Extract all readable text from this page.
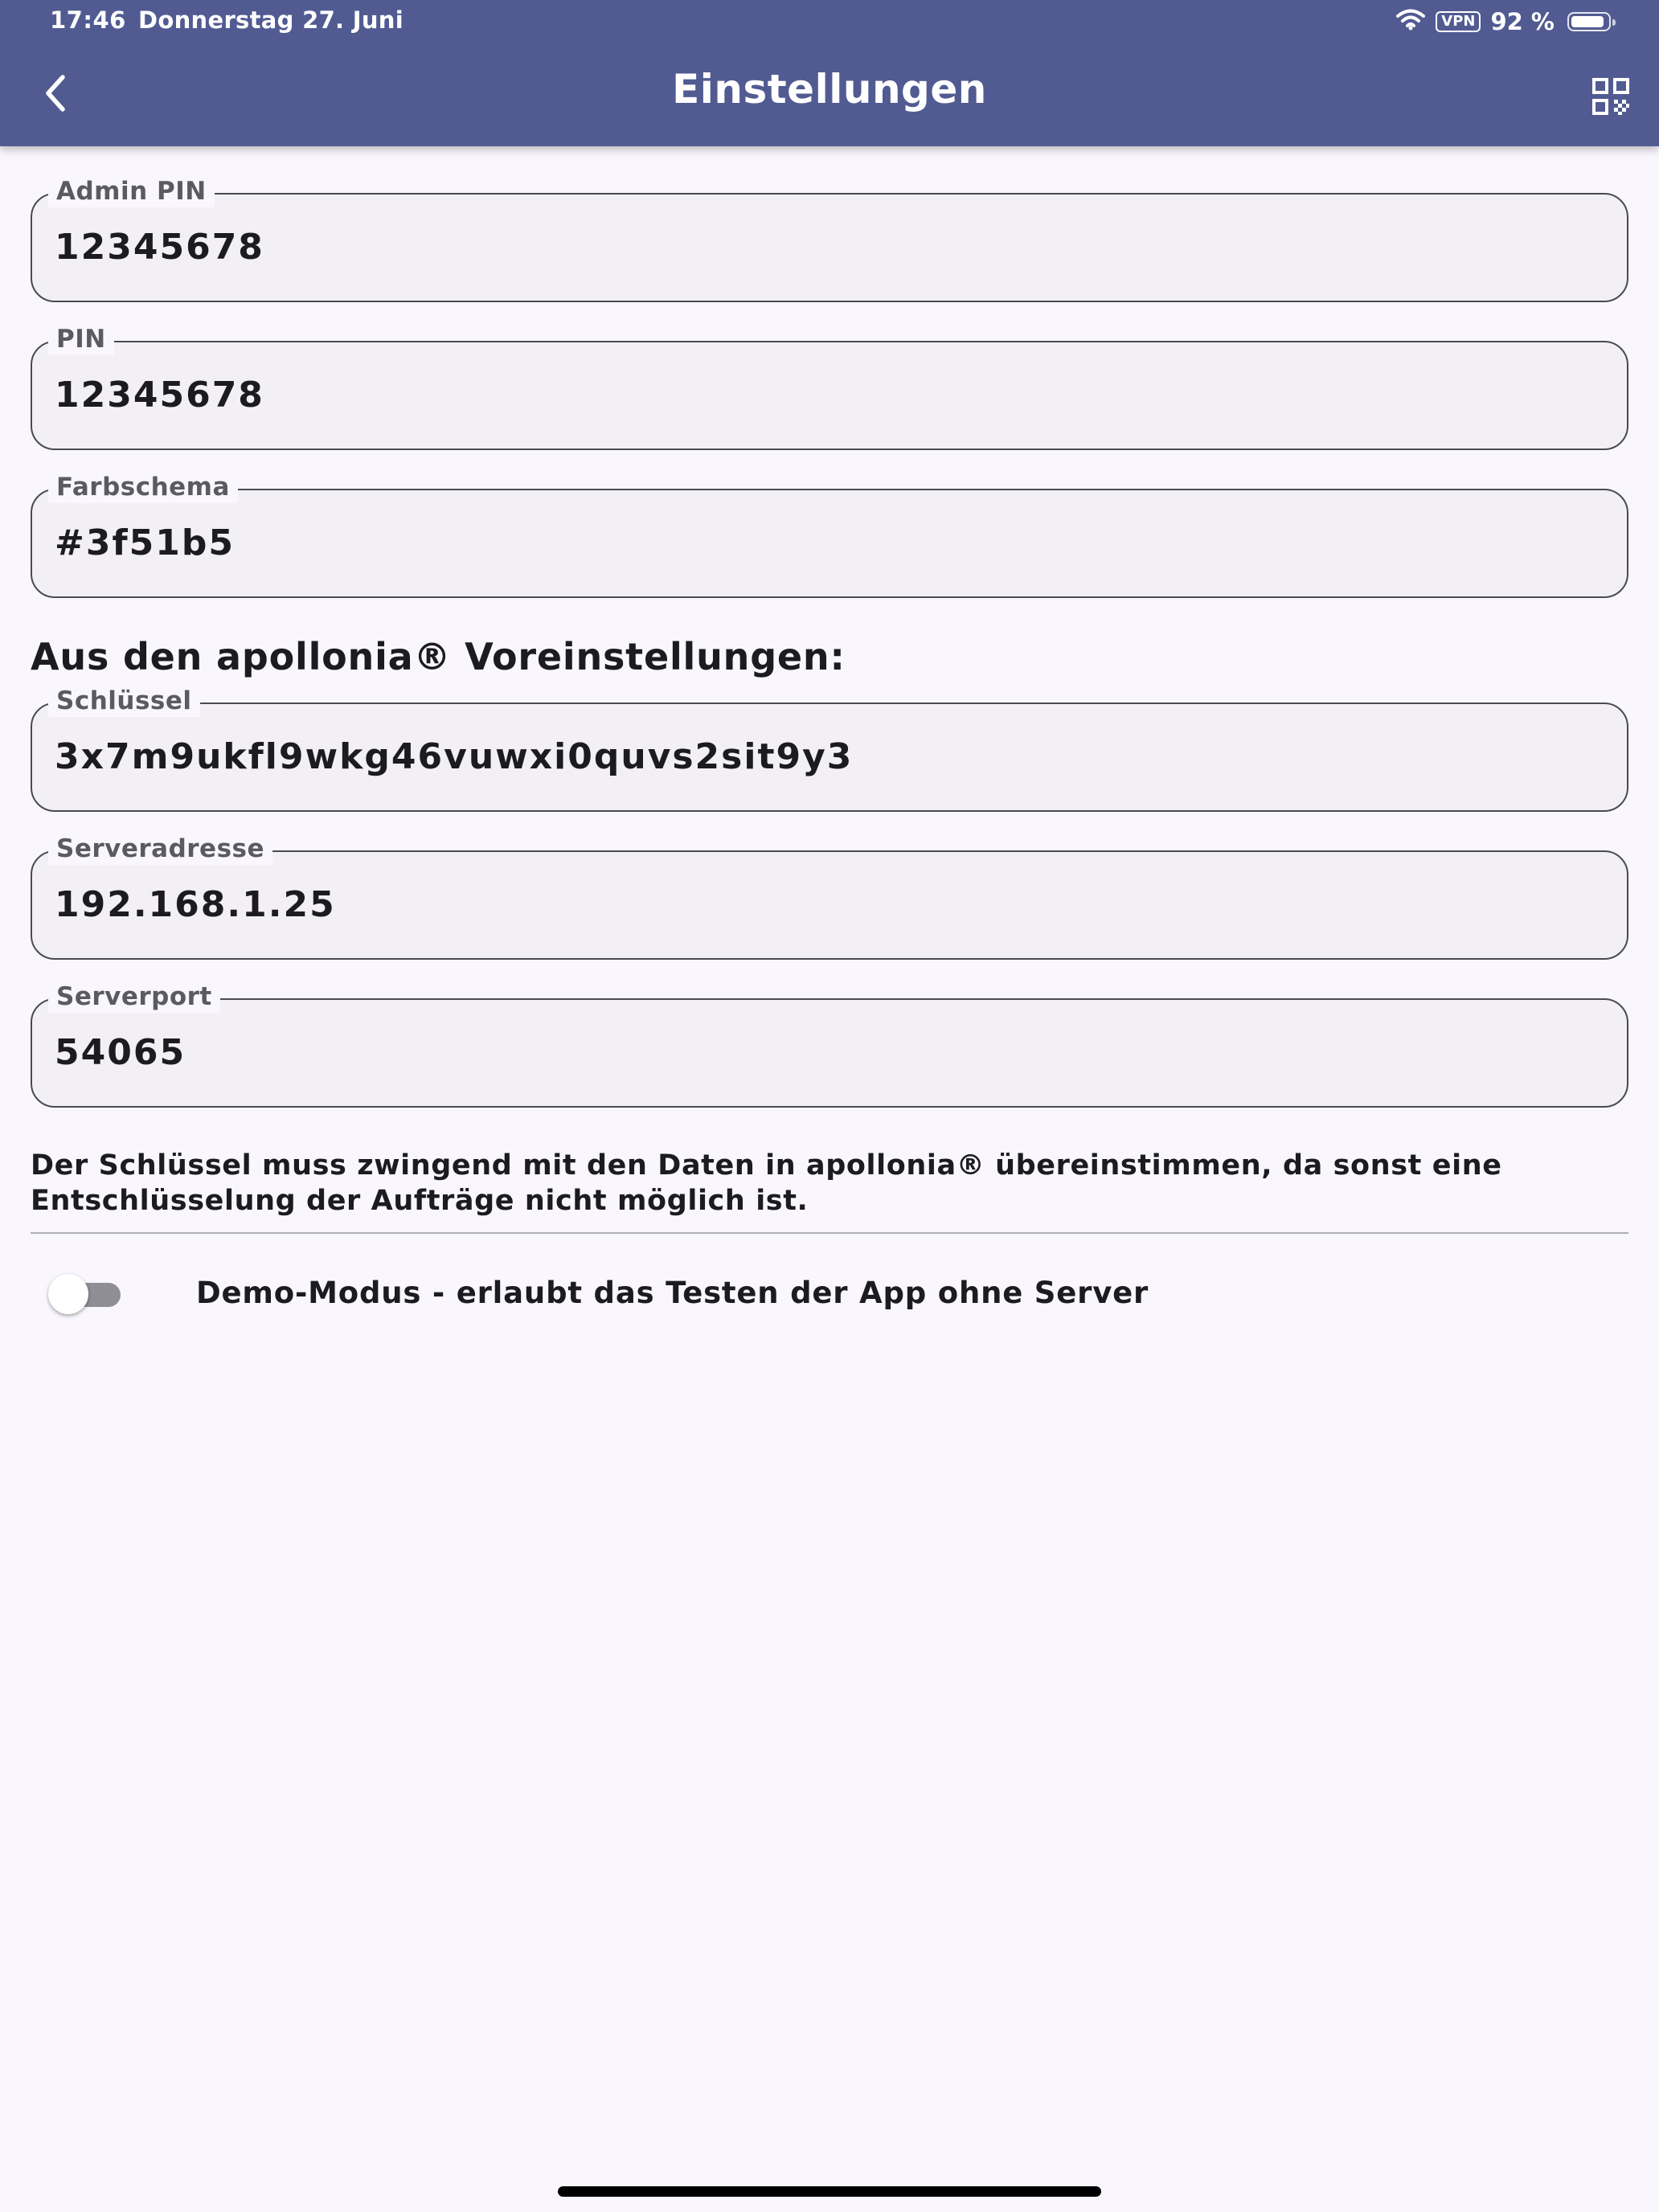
17:46 Donnerstag 27. Juni	VPN 92 %
Einstellungen
Admin PIN
12345678
PIN
12345678
Farbschema
#3f51b5
Aus den apollonia® Voreinstellungen:
Schlüssel
3x7m9ukfl9wkg46vuwxi0quvs2sit9y3
Serveradresse
192.168.1.25
Serverport
54065
Der Schlüssel muss zwingend mit den Daten in apollonia® übereinstimmen, da sonst eine Entschlüsselung der Aufträge nicht möglich ist.
Demo-Modus - erlaubt das Testen der App ohne Server
